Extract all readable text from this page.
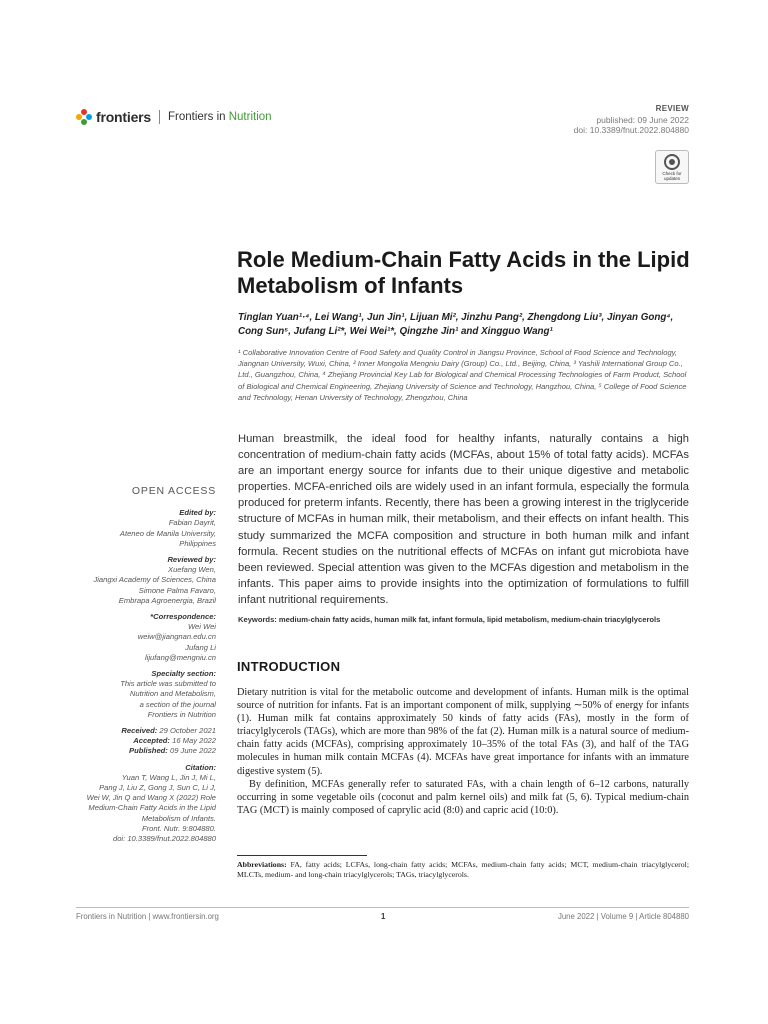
frontiers Frontiers in Nutrition
REVIEW
published: 09 June 2022
doi: 10.3389/fnut.2022.804880
Check for updates
Role Medium-Chain Fatty Acids in the Lipid Metabolism of Infants
Tinglan Yuan¹·⁴, Lei Wang¹, Jun Jin¹, Lijuan Mi², Jinzhu Pang², Zhengdong Liu³, Jinyan Gong⁴, Cong Sun⁵, Jufang Li²*, Wei Wei¹*, Qingzhe Jin¹ and Xingguo Wang¹
¹ Collaborative Innovation Centre of Food Safety and Quality Control in Jiangsu Province, School of Food Science and Technology, Jiangnan University, Wuxi, China, ² Inner Mongolia Mengniu Dairy (Group) Co., Ltd., Beijing, China, ³ Yashili International Group Co., Ltd., Guangzhou, China, ⁴ Zhejiang Provincial Key Lab for Biological and Chemical Processing Technologies of Farm Product, School of Biological and Chemical Engineering, Zhejiang University of Science and Technology, Hangzhou, China, ⁵ College of Food Science and Technology, Henan University of Technology, Zhengzhou, China

Human breastmilk, the ideal food for healthy infants, naturally contains a high concentration of medium-chain fatty acids (MCFAs, about 15% of total fatty acids). MCFAs are an important energy source for infants due to their unique digestive and metabolic properties. MCFA-enriched oils are widely used in an infant formula, especially the formula produced for preterm infants. Recently, there has been a growing interest in the triglyceride structure of MCFAs in human milk, their metabolism, and their effects on infant health. This study summarized the MCFA composition and structure in both human milk and infant formula. Recent studies on the nutritional effects of MCFAs on infant gut microbiota have been reviewed. Special attention was given to the MCFAs digestion and metabolism in the infants. This paper aims to provide insights into the optimization of formulations to fulfill infant nutritional requirements.

Keywords: medium-chain fatty acids, human milk fat, infant formula, lipid metabolism, medium-chain triacylglycerols
OPEN ACCESS
Edited by:
Fabian Dayrit,
Ateneo de Manila University,
Philippines
Reviewed by:
Xuefang Wen,
Jiangxi Academy of Sciences, China
Simone Palma Favaro,
Embrapa Agroenergia, Brazil
*Correspondence:
Wei Wei
weiw@jiangnan.edu.cn
Jufang Li
lijufang@mengniu.cn
Specialty section:
This article was submitted to
Nutrition and Metabolism,
a section of the journal
Frontiers in Nutrition
Received: 29 October 2021
Accepted: 16 May 2022
Published: 09 June 2022
Citation:
Yuan T, Wang L, Jin J, Mi L,
Pang J, Liu Z, Gong J, Sun C, Li J,
Wei W, Jin Q and Wang X (2022) Role
Medium-Chain Fatty Acids in the Lipid
Metabolism of Infants.
Front. Nutr. 9:804880.
doi: 10.3389/fnut.2022.804880
INTRODUCTION

Dietary nutrition is vital for the metabolic outcome and development of infants. Human milk is the optimal source of nutrition for infants. Fat is an important component of milk, supplying ∼50% of energy for infants (1). Human milk fat contains approximately 50 kinds of fatty acids (FAs), mostly in the form of triacylglycerols (TAGs), which are more than 98% of the fat (2). Human milk is a natural source of medium-chain fatty acids (MCFAs), comprising approximately 10–35% of the total FAs (3), and half of the TAG molecules in human milk contain MCFAs (4). MCFAs have great importance for infants with an immature digestive system (5).

By definition, MCFAs generally refer to saturated FAs, with a chain length of 6–12 carbons, naturally occurring in some vegetable oils (coconut and palm kernel oils) and milk fat (5, 6). Typical medium-chain TAG (MCT) is mainly composed of caprylic acid (8:0) and capric acid (10:0).

Abbreviations: FA, fatty acids; LCFAs, long-chain fatty acids; MCFAs, medium-chain fatty acids; MCT, medium-chain triacylglycerol; MLCTs, medium- and long-chain triacylglycerols; TAGs, triacylglycerols.
Frontiers in Nutrition | www.frontiersin.org	1	June 2022 | Volume 9 | Article 804880
